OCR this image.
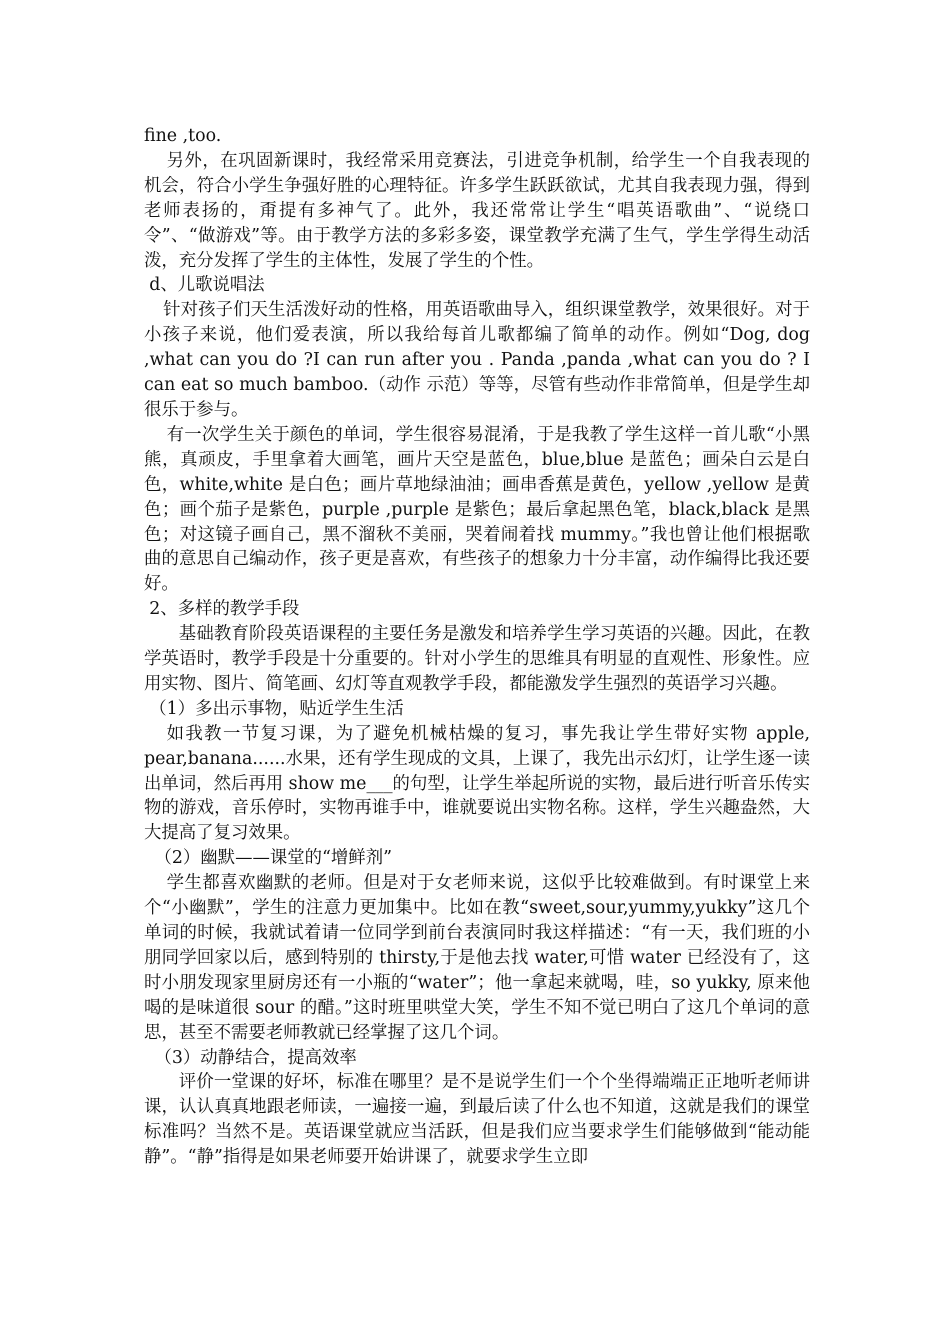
fine ,too.

另外，在巩固新课时，我经常采用竞赛法，引进竞争机制，给学生一个自我表现的机会，符合小学生争强好胜的心理特征。许多学生跃跃欲试，尤其自我表现力强，得到老师表扬的，甭提有多神气了。此外，我还常常让学生“唱英语歌曲”、“说绕口令”、“做游戏”等。由于教学方法的多彩多姿，课堂教学充满了生气，学生学得生动活泼，充分发挥了学生的主体性，发展了学生的个性。

d、儿歌说唱法

针对孩子们天生活泼好动的性格，用英语歌曲导入，组织课堂教学，效果很好。对于小孩子来说，他们爱表演，所以我给每首儿歌都编了简单的动作。例如“Dog, dog ,what can you do ?I can run after you . Panda ,panda ,what can you do ? I can eat so much bamboo.（动作 示范）等等，尽管有些动作非常简单，但是学生却很乐于参与。

有一次学生关于颜色的单词，学生很容易混淆，于是我教了学生这样一首儿歌“小黑熊，真顽皮，手里拿着大画笔，画片天空是蓝色，blue,blue 是蓝色；画朵白云是白色，white,white 是白色；画片草地绿油油；画串香蕉是黄色，yellow ,yellow 是黄色；画个茄子是紫色，purple ,purple 是紫色；最后拿起黑色笔，black,black 是黑色；对这镜子画自己，黑不溜秋不美丽，哭着闹着找 mummy。”我也曾让他们根据歌曲的意思自己编动作，孩子更是喜欢，有些孩子的想象力十分丰富，动作编得比我还要好。

2、多样的教学手段

基础教育阶段英语课程的主要任务是激发和培养学生学习英语的兴趣。因此，在教学英语时，教学手段是十分重要的。针对小学生的思维具有明显的直观性、形象性。应用实物、图片、简笔画、幻灯等直观教学手段，都能激发学生强烈的英语学习兴趣。

（1）多出示事物，贴近学生生活

如我教一节复习课，为了避免机械枯燥的复习，事先我让学生带好实物 apple, pear,banana......水果，还有学生现成的文具，上课了，我先出示幻灯，让学生逐一读出单词，然后再用 show me___的句型，让学生举起所说的实物，最后进行听音乐传实物的游戏，音乐停时，实物再谁手中，谁就要说出实物名称。这样，学生兴趣盎然，大大提高了复习效果。

（2）幽默——课堂的“增鲜剂”

学生都喜欢幽默的老师。但是对于女老师来说，这似乎比较难做到。有时课堂上来个“小幽默”，学生的注意力更加集中。比如在教“sweet,sour,yummy,yukky”这几个单词的时候，我就试着请一位同学到前台表演同时我这样描述：“有一天，我们班的小朋同学回家以后，感到特别的 thirsty,于是他去找 water,可惜 water 已经没有了，这时小朋发现家里厨房还有一小瓶的“water”；他一拿起来就喝，哇，so yukky, 原来他喝的是味道很 sour 的醋。”这时班里哄堂大笑，学生不知不觉已明白了这几个单词的意思，甚至不需要老师教就已经掌握了这几个词。

（3）动静结合，提高效率

评价一堂课的好坏，标准在哪里？是不是说学生们一个个坐得端端正正地听老师讲课，认认真真地跟老师读，一遍接一遍，到最后读了什么也不知道，这就是我们的课堂标准吗？当然不是。英语课堂就应当活跃，但是我们应当要求学生们能够做到“能动能静”。“静”指得是如果老师要开始讲课了，就要求学生立即
